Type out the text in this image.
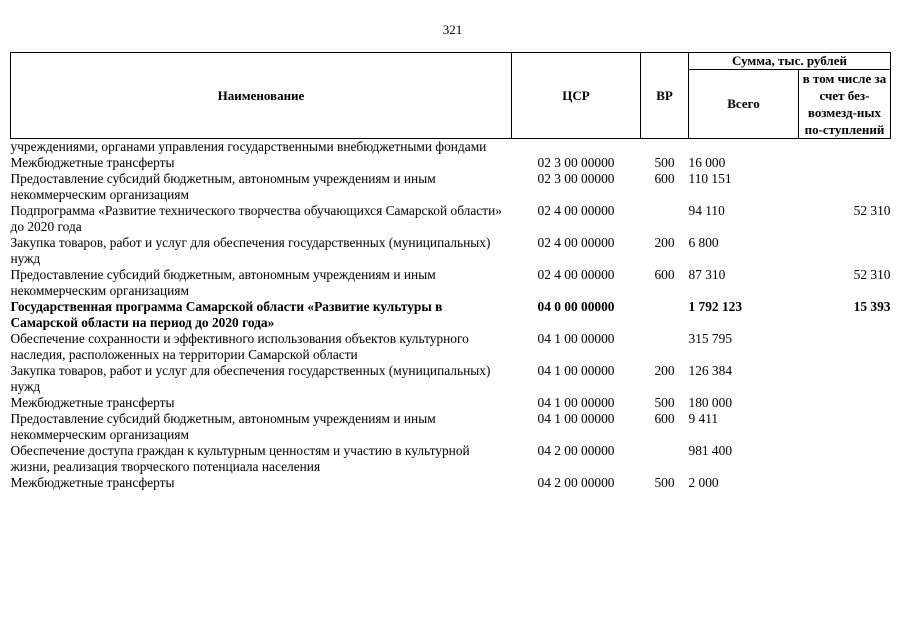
321
Наименование	ЦСР	ВР	Сумма, тыс. рублей	
			Всего	в том числе за счет без-возмезд-ных по-ступлений
учреждениями, органами управления государственными внебюджетными фондами				
Межбюджетные трансферты	02 3 00 00000	500	16 000	
Предоставление субсидий бюджетным, автономным учреждениям и иным некоммерческим организациям	02 3 00 00000	600	110 151	
Подпрограмма «Развитие технического творчества обучающихся Самарской области» до 2020 года	02 4 00 00000		94 110	52 310
Закупка товаров, работ и услуг для обеспечения государственных (муниципальных) нужд	02 4 00 00000	200	6 800	
Предоставление субсидий бюджетным, автономным учреждениям и иным некоммерческим организациям	02 4 00 00000	600	87 310	52 310
Государственная программа Самарской области «Развитие культуры в Самарской области на период до 2020 года»	04 0 00 00000		1 792 123	15 393
Обеспечение сохранности и эффективного использования объектов культурного наследия, расположенных на территории Самарской области	04 1 00 00000		315 795	
Закупка товаров, работ и услуг для обеспечения государственных (муниципальных) нужд	04 1 00 00000	200	126 384	
Межбюджетные трансферты	04 1 00 00000	500	180 000	
Предоставление субсидий бюджетным, автономным учреждениям и иным некоммерческим организациям	04 1 00 00000	600	9 411	
Обеспечение доступа граждан к культурным ценностям и участию в культурной жизни, реализация творческого потенциала населения	04 2 00 00000		981 400	
Межбюджетные трансферты	04 2 00 00000	500	2 000	
